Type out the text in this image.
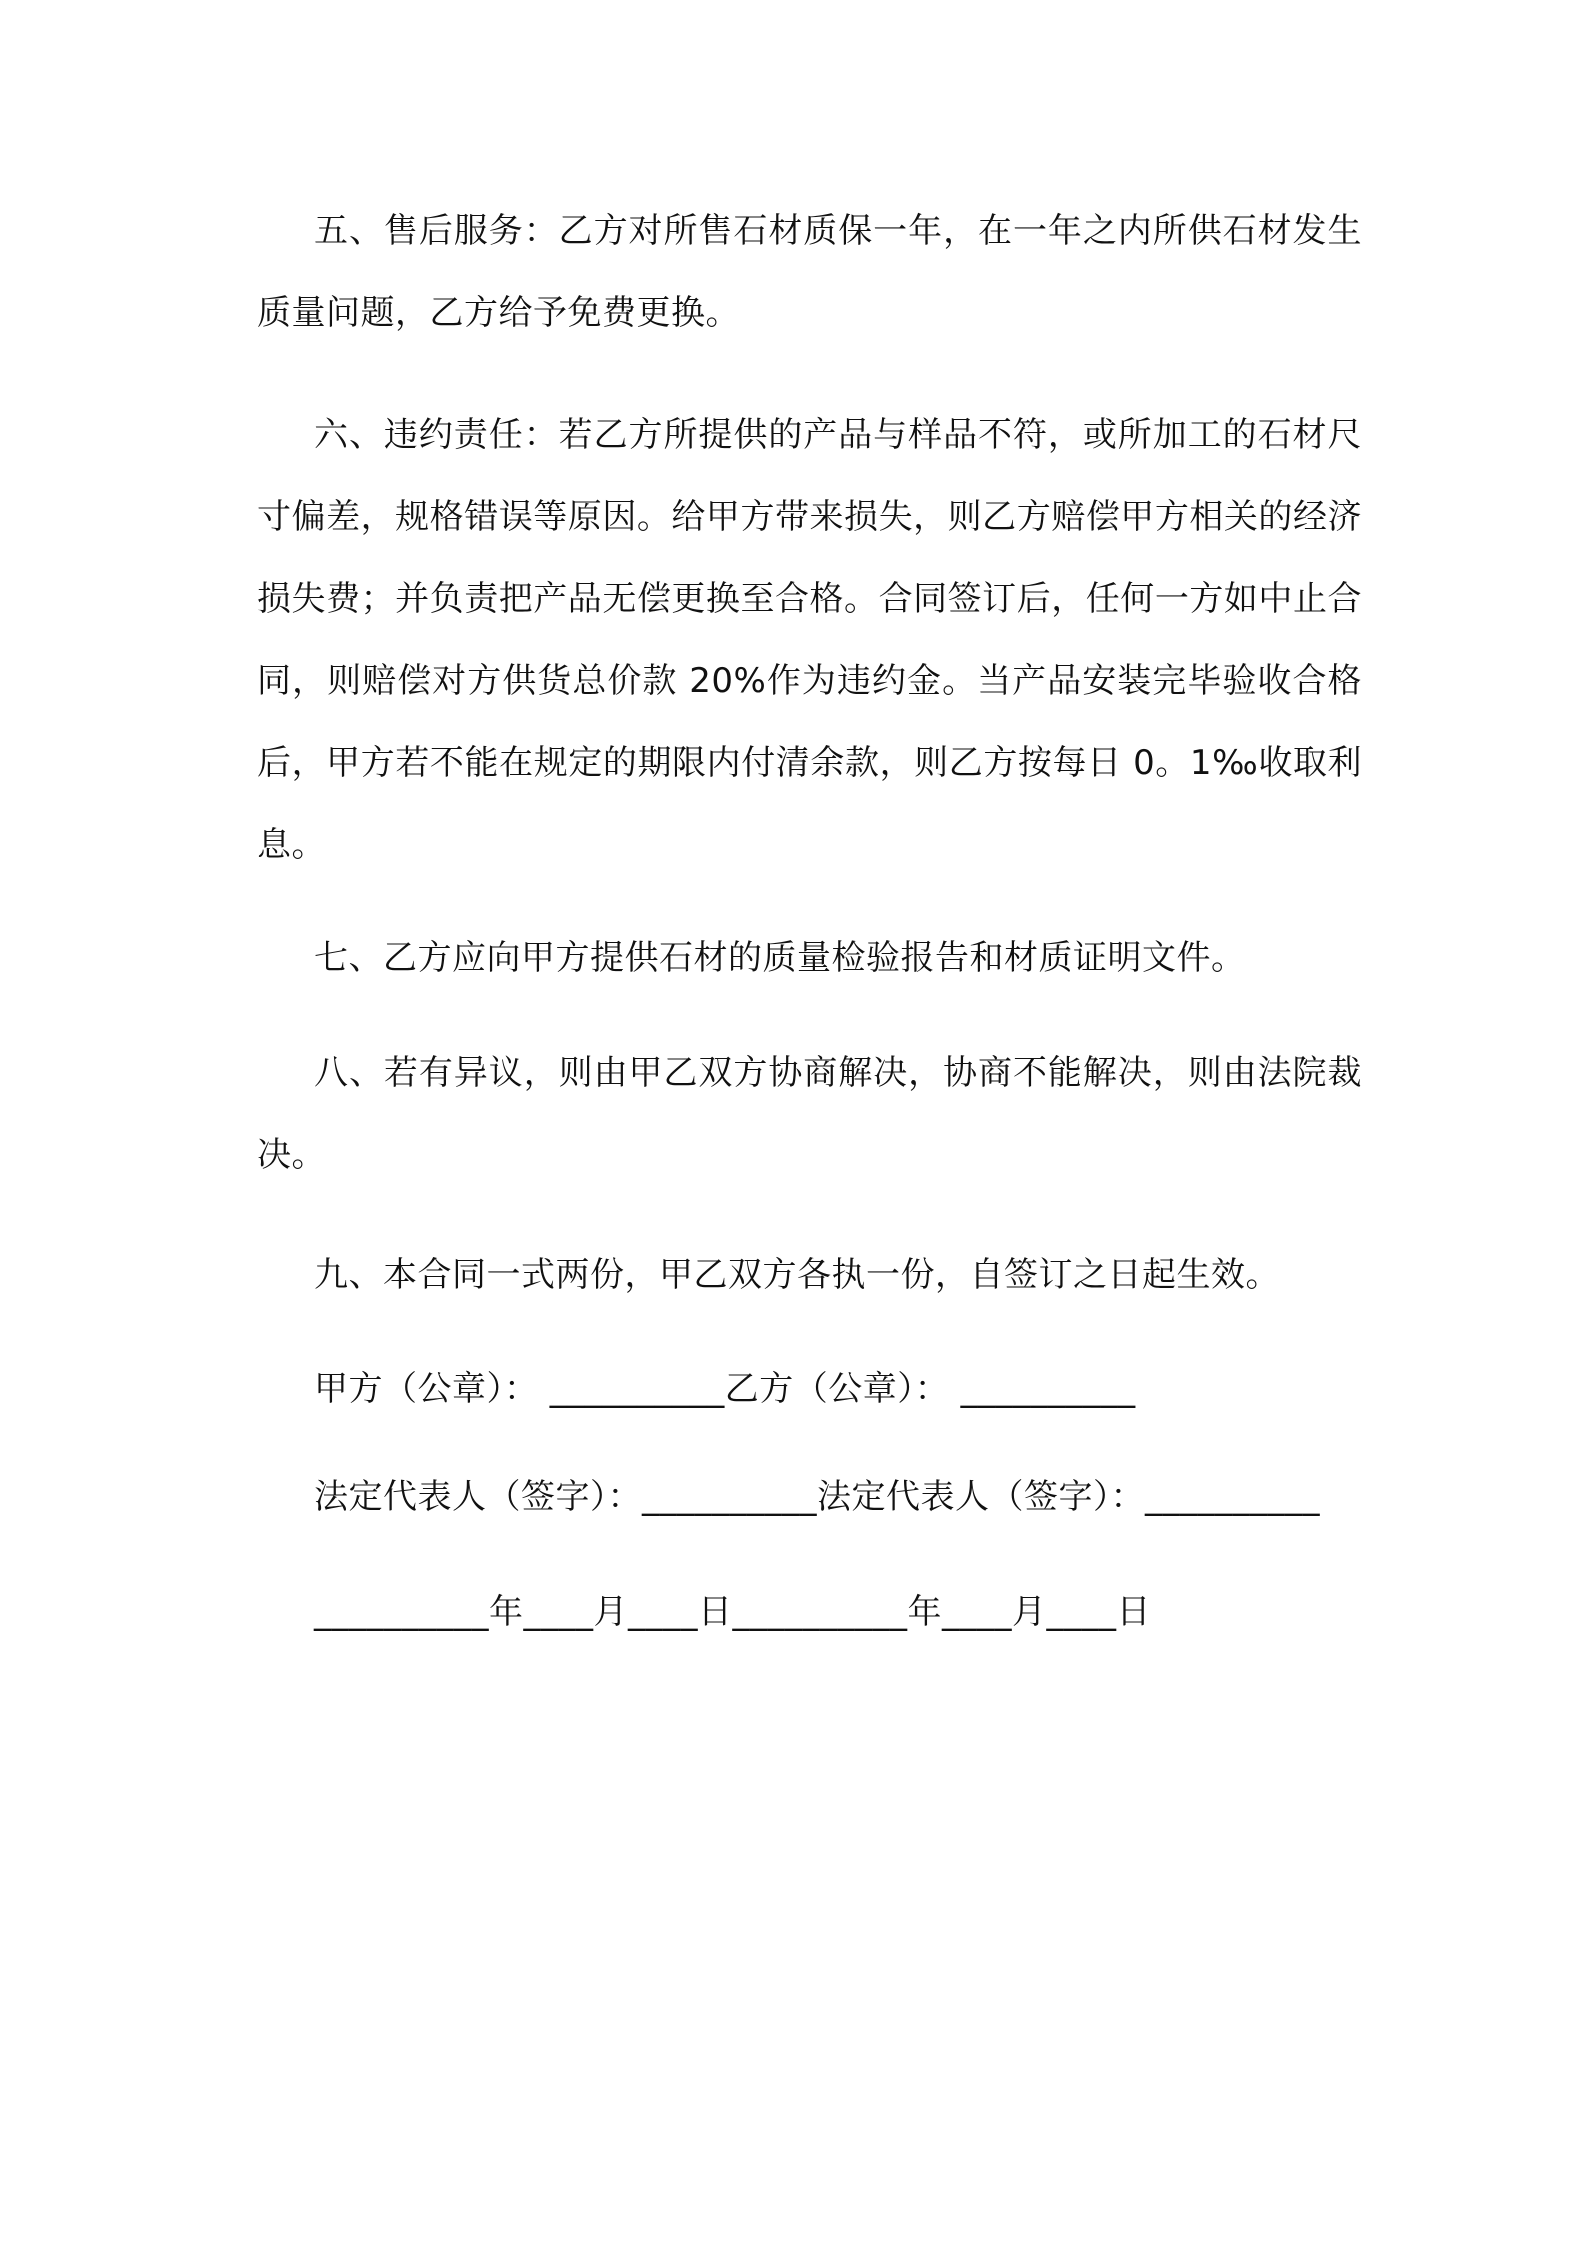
五、售后服务：乙方对所售石材质保一年，在一年之内所供石材发生质量问题，乙方给予免费更换。

六、违约责任：若乙方所提供的产品与样品不符，或所加工的石材尺寸偏差，规格错误等原因。给甲方带来损失，则乙方赔偿甲方相关的经济损失费；并负责把产品无偿更换至合格。合同签订后，任何一方如中止合同，则赔偿对方供货总价款 20%作为违约金。当产品安装完毕验收合格后，甲方若不能在规定的期限内付清余款，则乙方按每日 0。1‰收取利息。

七、乙方应向甲方提供石材的质量检验报告和材质证明文件。

八、若有异议，则由甲乙双方协商解决，协商不能解决，则由法院裁决。

九、本合同一式两份，甲乙双方各执一份，自签订之日起生效。

甲方（公章）： __________乙方（公章）： __________
法定代表人（签字）：__________法定代表人（签字）：__________
__________年____月____日__________年____月____日
